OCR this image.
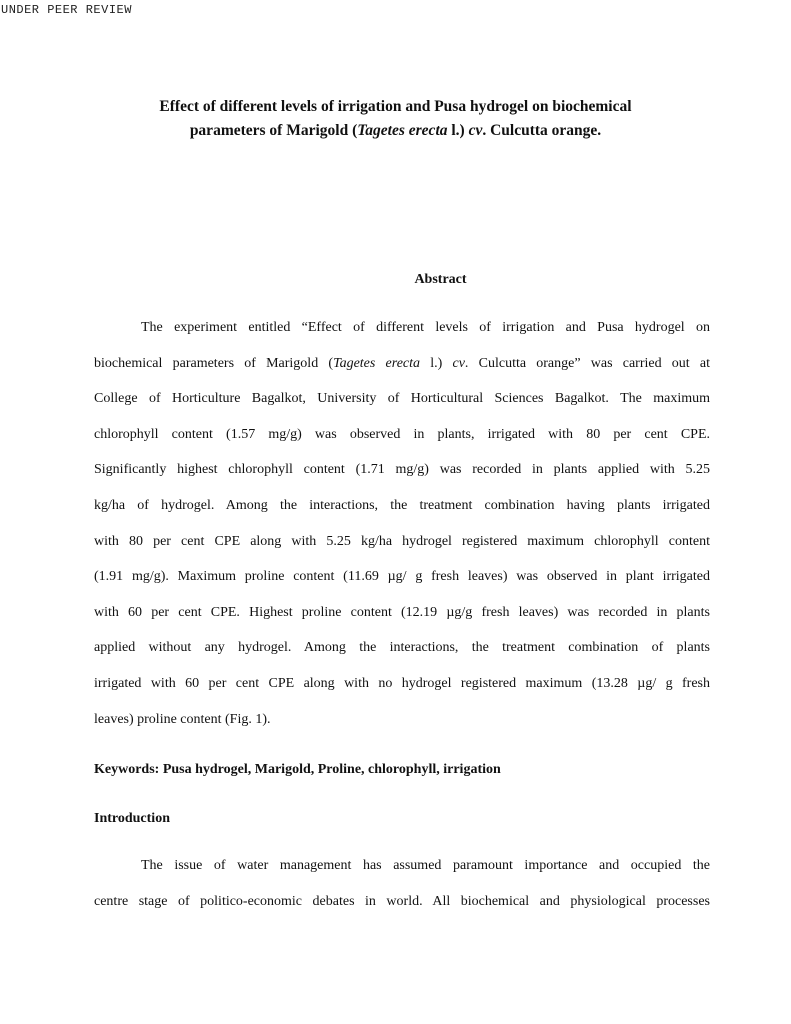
UNDER PEER REVIEW
Effect of different levels of irrigation and Pusa hydrogel on biochemical
parameters of Marigold (Tagetes erecta l.) cv. Culcutta orange.
Abstract
The experiment entitled “Effect of different levels of irrigation and Pusa hydrogel on
biochemical parameters of Marigold (Tagetes erecta l.) cv. Culcutta orange” was carried out at
College of Horticulture Bagalkot, University of Horticultural Sciences Bagalkot. The maximum
chlorophyll content (1.57 mg/g) was observed in plants, irrigated with 80 per cent CPE.
Significantly highest chlorophyll content (1.71 mg/g) was recorded in plants applied with 5.25
kg/ha of hydrogel. Among the interactions, the treatment combination having plants irrigated
with 80 per cent CPE along with 5.25 kg/ha hydrogel registered maximum chlorophyll content
(1.91 mg/g). Maximum proline content (11.69 µg/ g fresh leaves) was observed in plant irrigated
with 60 per cent CPE. Highest proline content (12.19 µg/g fresh leaves) was recorded in plants
applied without any hydrogel. Among the interactions, the treatment combination of plants
irrigated with 60 per cent CPE along with no hydrogel registered maximum (13.28 µg/ g fresh
leaves) proline content (Fig. 1).
Keywords: Pusa hydrogel, Marigold, Proline, chlorophyll, irrigation
Introduction
The issue of water management has assumed paramount importance and occupied the
centre stage of politico-economic debates in world. All biochemical and physiological processes
